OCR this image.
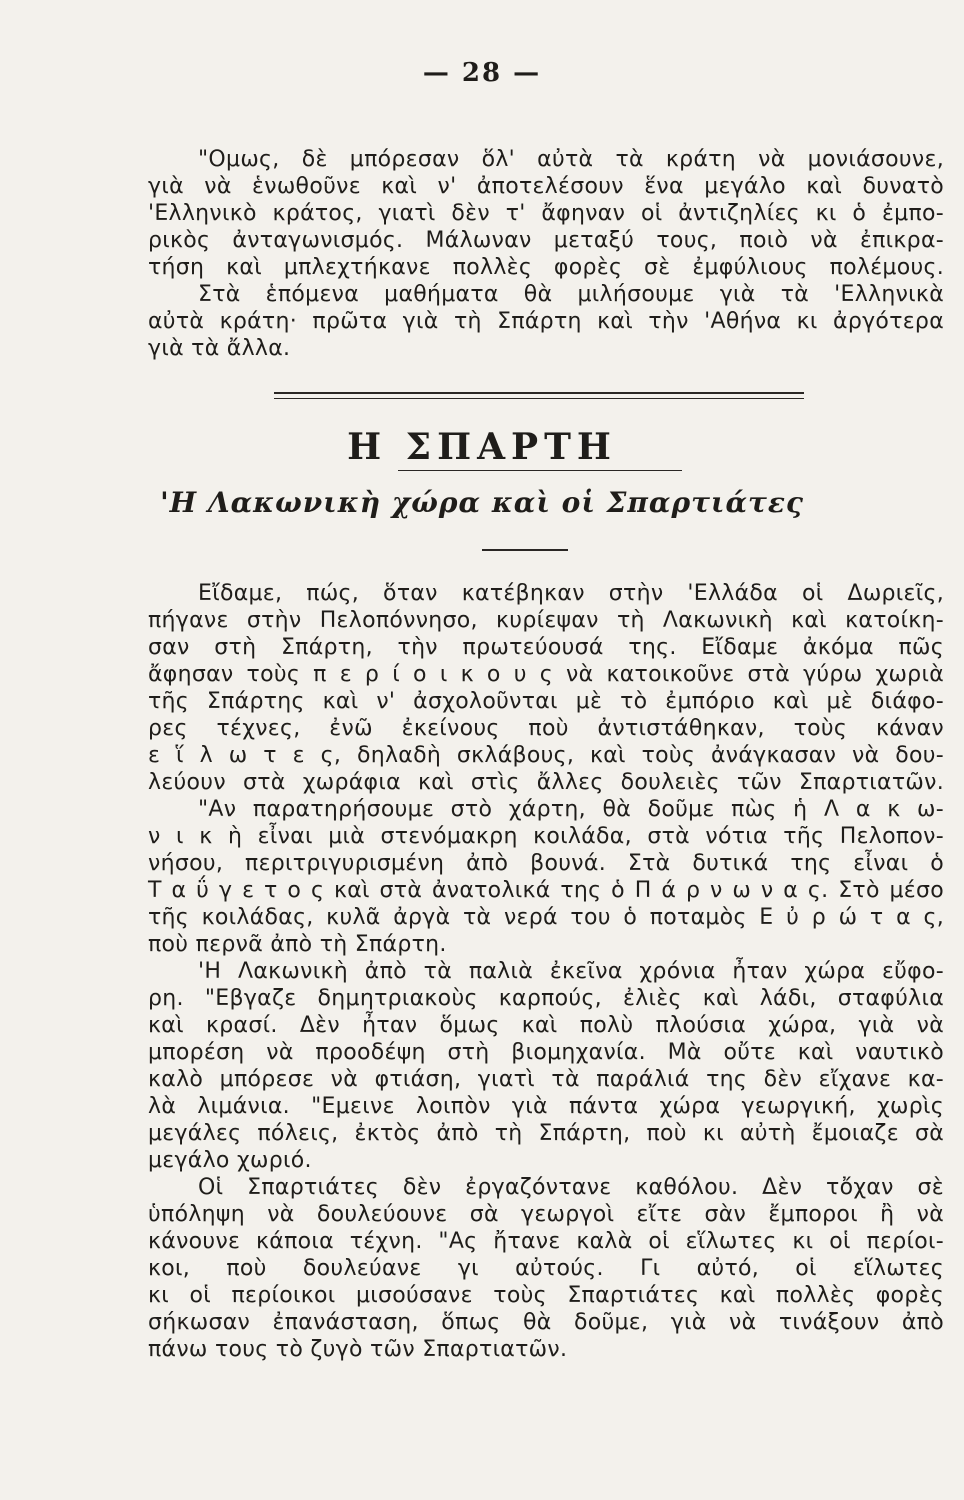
— 28 —
"Ομως, δὲ μπόρεσαν ὅλ' αὐτὰ τὰ κράτη νὰ μονιάσουνε,
γιὰ νὰ ἑνωθοῦνε καὶ ν' ἀποτελέσουν ἕνα μεγάλο καὶ δυνατὸ
'Ελληνικὸ κράτος, γιατὶ δὲν τ' ἄφηναν οἱ ἀντιζηλίες κι ὁ ἐμπο-
ρικὸς ἀνταγωνισμός. Μάλωναν μεταξύ τους, ποιὸ νὰ ἐπικρα-
τήση καὶ μπλεχτήκανε πολλὲς φορὲς σὲ ἐμφύλιους πολέμους.
Στὰ ἑπόμενα μαθήματα θὰ μιλήσουμε γιὰ τὰ 'Ελληνικὰ
αὐτὰ κράτη· πρῶτα γιὰ τὴ Σπάρτη καὶ τὴν 'Αθήνα κι ἀργότερα
γιὰ τὰ ἄλλα.
Η ΣΠΑΡΤΗ
'Η Λακωνικὴ χώρα καὶ οἱ Σπαρτιάτες
Εἴδαμε, πώς, ὅταν κατέβηκαν στὴν 'Ελλάδα οἱ Δωριεῖς,
πήγανε στὴν Πελοπόννησο, κυρίεψαν τὴ Λακωνικὴ καὶ κατοίκη-
σαν στὴ Σπάρτη, τὴν πρωτεύουσά της. Εἴδαμε ἀκόμα πῶς
ἄφησαν τοὺς π ε ρ ί ο ι κ ο υ ς νὰ κατοικοῦνε στὰ γύρω χωριὰ
τῆς Σπάρτης καὶ ν' ἀσχολοῦνται μὲ τὸ ἐμπόριο καὶ μὲ διάφο-
ρες τέχνες, ἐνῶ ἐκείνους ποὺ ἀντιστάθηκαν, τοὺς κάναν
ε ἵ λ ω τ ε ς, δηλαδὴ σκλάβους, καὶ τοὺς ἀνάγκασαν νὰ δου-
λεύουν στὰ χωράφια καὶ στὶς ἄλλες δουλειὲς τῶν Σπαρτιατῶν.
"Αν παρατηρήσουμε στὸ χάρτη, θὰ δοῦμε πὼς ἡ Λ α κ ω-
ν ι κ ὴ εἶναι μιὰ στενόμακρη κοιλάδα, στὰ νότια τῆς Πελοπον-
νήσου, περιτριγυρισμένη ἀπὸ βουνά. Στὰ δυτικά της εἶναι ὁ
Τ α ΰ γ ε τ ο ς καὶ στὰ ἀνατολικά της ὁ Π ά ρ ν ω ν α ς. Στὸ μέσο
τῆς κοιλάδας, κυλᾶ ἀργὰ τὰ νερά του ὁ ποταμὸς Ε ὐ ρ ώ τ α ς,
ποὺ περνᾶ ἀπὸ τὴ Σπάρτη.
'Η Λακωνικὴ ἀπὸ τὰ παλιὰ ἐκεῖνα χρόνια ἦταν χώρα εὔφο-
ρη. "Εβγαζε δημητριακοὺς καρπούς, ἐλιὲς καὶ λάδι, σταφύλια
καὶ κρασί. Δὲν ἦταν ὅμως καὶ πολὺ πλούσια χώρα, γιὰ νὰ
μπορέση νὰ προοδέψη στὴ βιομηχανία. Μὰ οὔτε καὶ ναυτικὸ
καλὸ μπόρεσε νὰ φτιάση, γιατὶ τὰ παράλιά της δὲν εἴχανε κα-
λὰ λιμάνια. "Εμεινε λοιπὸν γιὰ πάντα χώρα γεωργική, χωρὶς
μεγάλες πόλεις, ἐκτὸς ἀπὸ τὴ Σπάρτη, ποὺ κι αὐτὴ ἔμοιαζε σὰ
μεγάλο χωριό.
Οἱ Σπαρτιάτες δὲν ἐργαζόντανε καθόλου. Δὲν τὄχαν σὲ
ὑπόληψη νὰ δουλεύουνε σὰ γεωργοὶ εἴτε σὰν ἔμποροι ἢ νὰ
κάνουνε κάποια τέχνη. "Ας ἤτανε καλὰ οἱ εἵλωτες κι οἱ περίοι-
κοι, ποὺ δουλεύανε γι αὐτούς. Γι αὐτό, οἱ εἵλωτες
κι οἱ περίοικοι μισούσανε τοὺς Σπαρτιάτες καὶ πολλὲς φορὲς
σήκωσαν ἐπανάσταση, ὅπως θὰ δοῦμε, γιὰ νὰ τινάξουν ἀπὸ
πάνω τους τὸ ζυγὸ τῶν Σπαρτιατῶν.
